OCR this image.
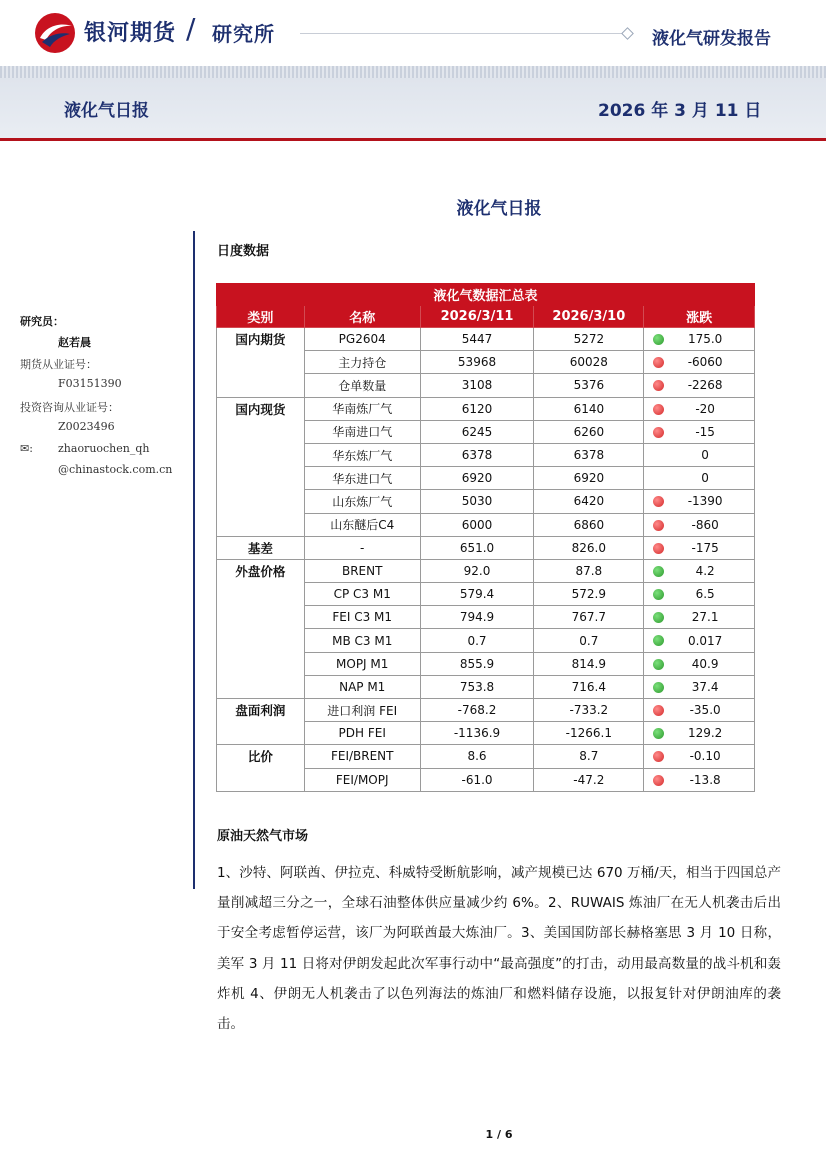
银河期货 / 研究所	液化气研发报告
液化气日报	2026 年 3 月 11 日
液化气日报
研究员：
赵若晨
期货从业证号：
F03151390
投资咨询从业证号：
Z0023496
✉: zhaoruochen_qh
@chinastock.com.cn
日度数据
液化气数据汇总表				
类别	名称	2026/3/11	2026/3/10	涨跌
国内期货	PG2604	5447	5272	175.0
	主力持仓	53968	60028	-6060
	仓单数量	3108	5376	-2268
国内现货	华南炼厂气	6120	6140	-20
	华南进口气	6245	6260	-15
	华东炼厂气	6378	6378	0
	华东进口气	6920	6920	0
	山东炼厂气	5030	6420	-1390
	山东醚后C4	6000	6860	-860
基差	-	651.0	826.0	-175
外盘价格	BRENT	92.0	87.8	4.2
	CP C3 M1	579.4	572.9	6.5
	FEI C3 M1	794.9	767.7	27.1
	MB C3 M1	0.7	0.7	0.017
	MOPJ M1	855.9	814.9	40.9
	NAP M1	753.8	716.4	37.4
盘面利润	进口利润 FEI	-768.2	-733.2	-35.0
	PDH FEI	-1136.9	-1266.1	129.2
比价	FEI/BRENT	8.6	8.7	-0.10
	FEI/MOPJ	-61.0	-47.2	-13.8
原油天然气市场
1、沙特、阿联酋、伊拉克、科威特受断航影响，减产规模已达 670 万桶/天，相当于四国总产量削减超三分之一，全球石油整体供应量减少约 6%。2、RUWAIS 炼油厂在无人机袭击后出于安全考虑暂停运营，该厂为阿联酋最大炼油厂。3、美国国防部长赫格塞思 3 月 10 日称，美军 3 月 11 日将对伊朗发起此次军事行动中“最高强度”的打击，动用最高数量的战斗机和轰炸机 4、伊朗无人机袭击了以色列海法的炼油厂和燃料储存设施，以报复针对伊朗油库的袭击。
1 / 6
